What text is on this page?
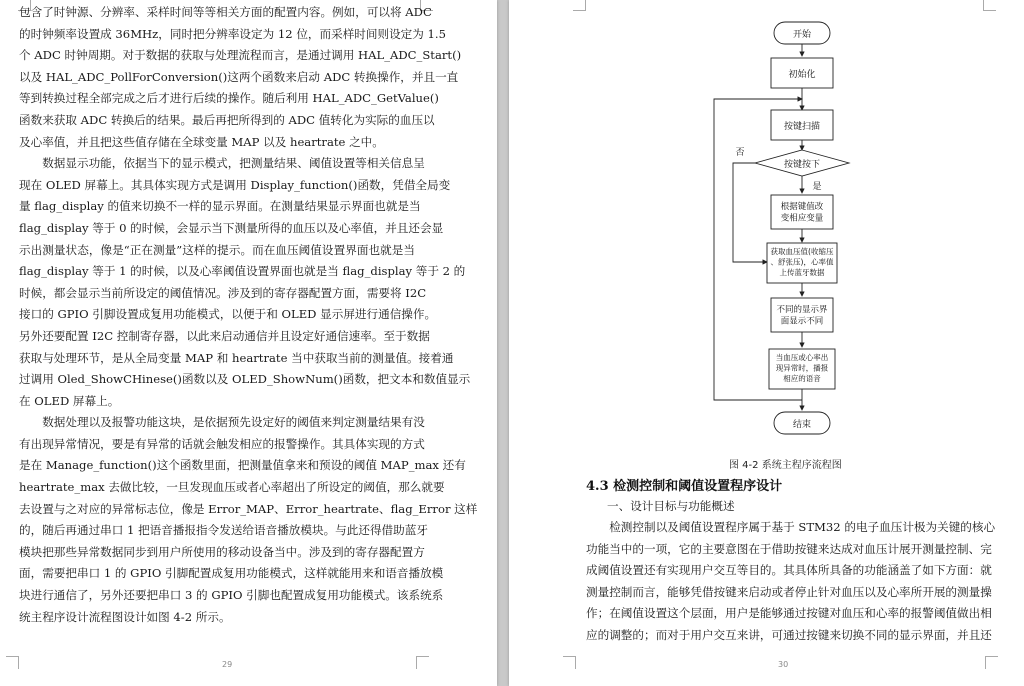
包含了时钟源、分辨率、采样时间等等相关方面的配置内容。例如，可以将 ADC
的时钟频率设置成 36MHz，同时把分辨率设定为 12 位，而采样时间则设定为 1.5
个 ADC 时钟周期。对于数据的获取与处理流程而言，是通过调用 HAL_ADC_Start()
以及 HAL_ADC_PollForConversion()这两个函数来启动 ADC 转换操作，并且一直
等到转换过程全部完成之后才进行后续的操作。随后利用 HAL_ADC_GetValue()
函数来获取 ADC 转换后的结果。最后再把所得到的 ADC 值转化为实际的血压以
及心率值，并且把这些值存储在全球变量 MAP 以及 heartrate 之中。
　　数据显示功能，依据当下的显示模式，把测量结果、阈值设置等相关信息呈
现在 OLED 屏幕上。其具体实现方式是调用 Display_function()函数，凭借全局变
量 flag_display 的值来切换不一样的显示界面。在测量结果显示界面也就是当
flag_display 等于 0 的时候，会显示当下测量所得的血压以及心率值，并且还会显
示出测量状态，像是“正在测量”这样的提示。而在血压阈值设置界面也就是当
flag_display 等于 1 的时候，以及心率阈值设置界面也就是当 flag_display 等于 2 的
时候，都会显示当前所设定的阈值情况。涉及到的寄存器配置方面，需要将 I2C
接口的 GPIO 引脚设置成复用功能模式，以便于和 OLED 显示屏进行通信操作。
另外还要配置 I2C 控制寄存器，以此来启动通信并且设定好通信速率。至于数据
获取与处理环节，是从全局变量 MAP 和 heartrate 当中获取当前的测量值。接着通
过调用 Oled_ShowCHinese()函数以及 OLED_ShowNum()函数，把文本和数值显示
在 OLED 屏幕上。
　　数据处理以及报警功能这块，是依据预先设定好的阈值来判定测量结果有没
有出现异常情况，要是有异常的话就会触发相应的报警操作。其具体实现的方式
是在 Manage_function()这个函数里面，把测量值拿来和预设的阈值 MAP_max 还有
heartrate_max 去做比较，一旦发现血压或者心率超出了所设定的阈值，那么就要
去设置与之对应的异常标志位，像是 Error_MAP、Error_heartrate、flag_Error 这样
的，随后再通过串口 1 把语音播报指令发送给语音播放模块。与此还得借助蓝牙
模块把那些异常数据同步到用户所使用的移动设备当中。涉及到的寄存器配置方
面，需要把串口 1 的 GPIO 引脚配置成复用功能模式，这样就能用来和语音播放模
块进行通信了，另外还要把串口 3 的 GPIO 引脚也配置成复用功能模式。该系统系
统主程序设计流程图设计如图 4-2 所示。
29
开始
初始化
按键扫描
按键按下
否
是
根据键值改变相应变量
获取血压值(收缩压、舒张压)，心率值上传蓝牙数据
不同的显示界面显示不同
当血压或心率出现异常时，播报相应的语音
结束
图 4-2 系统主程序流程图
4.3 检测控制和阈值设置程序设计
一、设计目标与功能概述
　　检测控制以及阈值设置程序属于基于 STM32 的电子血压计极为关键的核心
功能当中的一项，它的主要意图在于借助按键来达成对血压计展开测量控制、完
成阈值设置还有实现用户交互等目的。其具体所具备的功能涵盖了如下方面：就
测量控制而言，能够凭借按键来启动或者停止针对血压以及心率所开展的测量操
作；在阈值设置这个层面，用户是能够通过按键对血压和心率的报警阈值做出相
应的调整的；而对于用户交互来讲，可通过按键来切换不同的显示界面，并且还
30
